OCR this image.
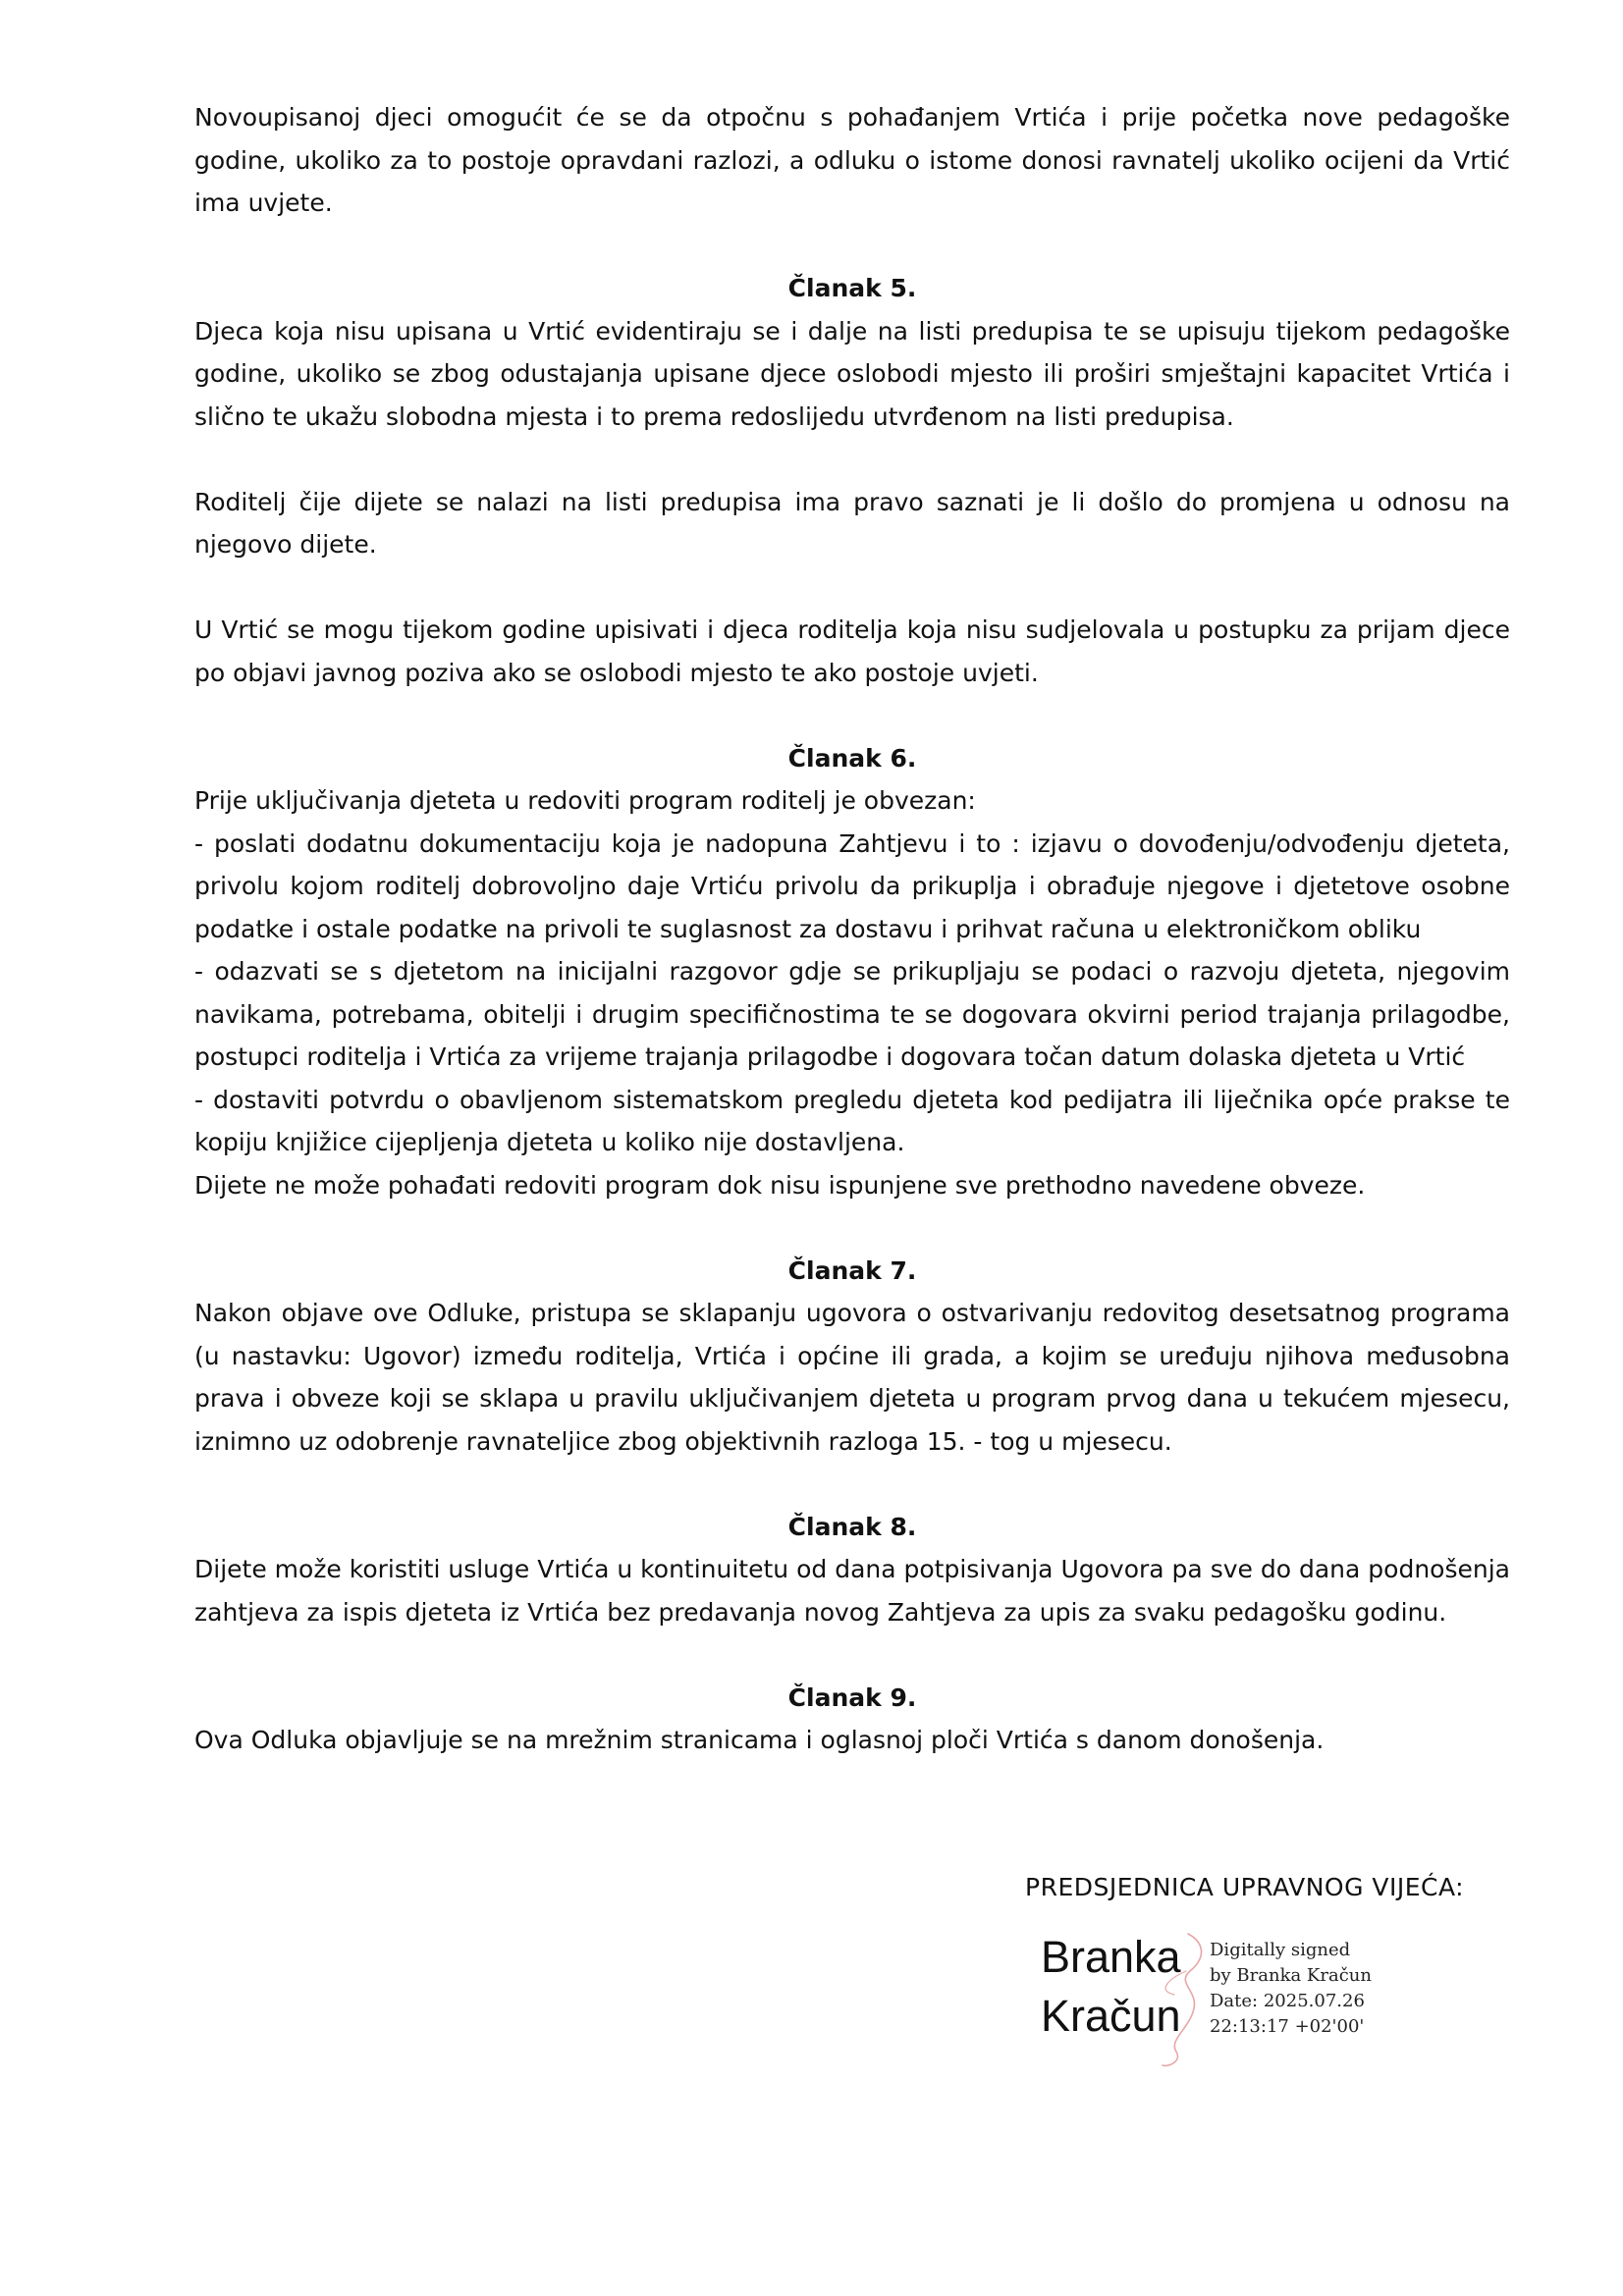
Novoupisanoj djeci omogućit će se da otpočnu s pohađanjem Vrtića i prije početka nove pedagoške godine, ukoliko za to postoje opravdani razlozi, a odluku o istome donosi ravnatelj ukoliko ocijeni da Vrtić ima uvjete.

Članak 5.

Djeca koja nisu upisana u Vrtić evidentiraju se i dalje na listi predupisa te se upisuju tijekom pedagoške godine, ukoliko se zbog odustajanja upisane djece oslobodi mjesto ili proširi smještajni kapacitet Vrtića i slično te ukažu slobodna mjesta i to prema redoslijedu utvrđenom na listi predupisa.

Roditelj čije dijete se nalazi na listi predupisa ima pravo saznati je li došlo do promjena u odnosu na njegovo dijete.

U Vrtić se mogu tijekom godine upisivati i djeca roditelja koja nisu sudjelovala u postupku za prijam djece po objavi javnog poziva ako se oslobodi mjesto te ako postoje uvjeti.

Članak 6.

Prije uključivanja djeteta u redoviti program roditelj je obvezan:

- poslati dodatnu dokumentaciju koja je nadopuna Zahtjevu i to : izjavu o dovođenju/odvođenju djeteta, privolu kojom roditelj dobrovoljno daje Vrtiću privolu da prikuplja i obrađuje njegove i djetetove osobne podatke i ostale podatke na privoli te suglasnost za dostavu i prihvat računa u elektroničkom obliku

- odazvati se s djetetom na inicijalni razgovor gdje se prikupljaju se podaci o razvoju djeteta, njegovim navikama, potrebama, obitelji i drugim specifičnostima te se dogovara okvirni period trajanja prilagodbe, postupci roditelja i Vrtića za vrijeme trajanja prilagodbe i dogovara točan datum dolaska djeteta u Vrtić

- dostaviti potvrdu o obavljenom sistematskom pregledu djeteta kod pedijatra ili liječnika opće prakse te kopiju knjižice cijepljenja djeteta u koliko nije dostavljena.

Dijete ne može pohađati redoviti program dok nisu ispunjene sve prethodno navedene obveze.

Članak 7.

Nakon objave ove Odluke, pristupa se sklapanju ugovora o ostvarivanju redovitog desetsatnog programa (u nastavku: Ugovor) između roditelja, Vrtića i općine ili grada, a kojim se uređuju njihova međusobna prava i obveze koji se sklapa u pravilu uključivanjem djeteta u program prvog dana u tekućem mjesecu, iznimno uz odobrenje ravnateljice zbog objektivnih razloga 15. - tog u mjesecu.

Članak 8.

Dijete može koristiti usluge Vrtića u kontinuitetu od dana potpisivanja Ugovora pa sve do dana podnošenja zahtjeva za ispis djeteta iz Vrtića bez predavanja novog Zahtjeva za upis za svaku pedagošku godinu.

Članak 9.

Ova Odluka objavljuje se na mrežnim stranicama i oglasnoj ploči Vrtića s danom donošenja.

PREDSJEDNICA UPRAVNOG VIJEĆA:
Branka
Kračun
Digitally signed
by Branka Kračun
Date: 2025.07.26
22:13:17 +02'00'
